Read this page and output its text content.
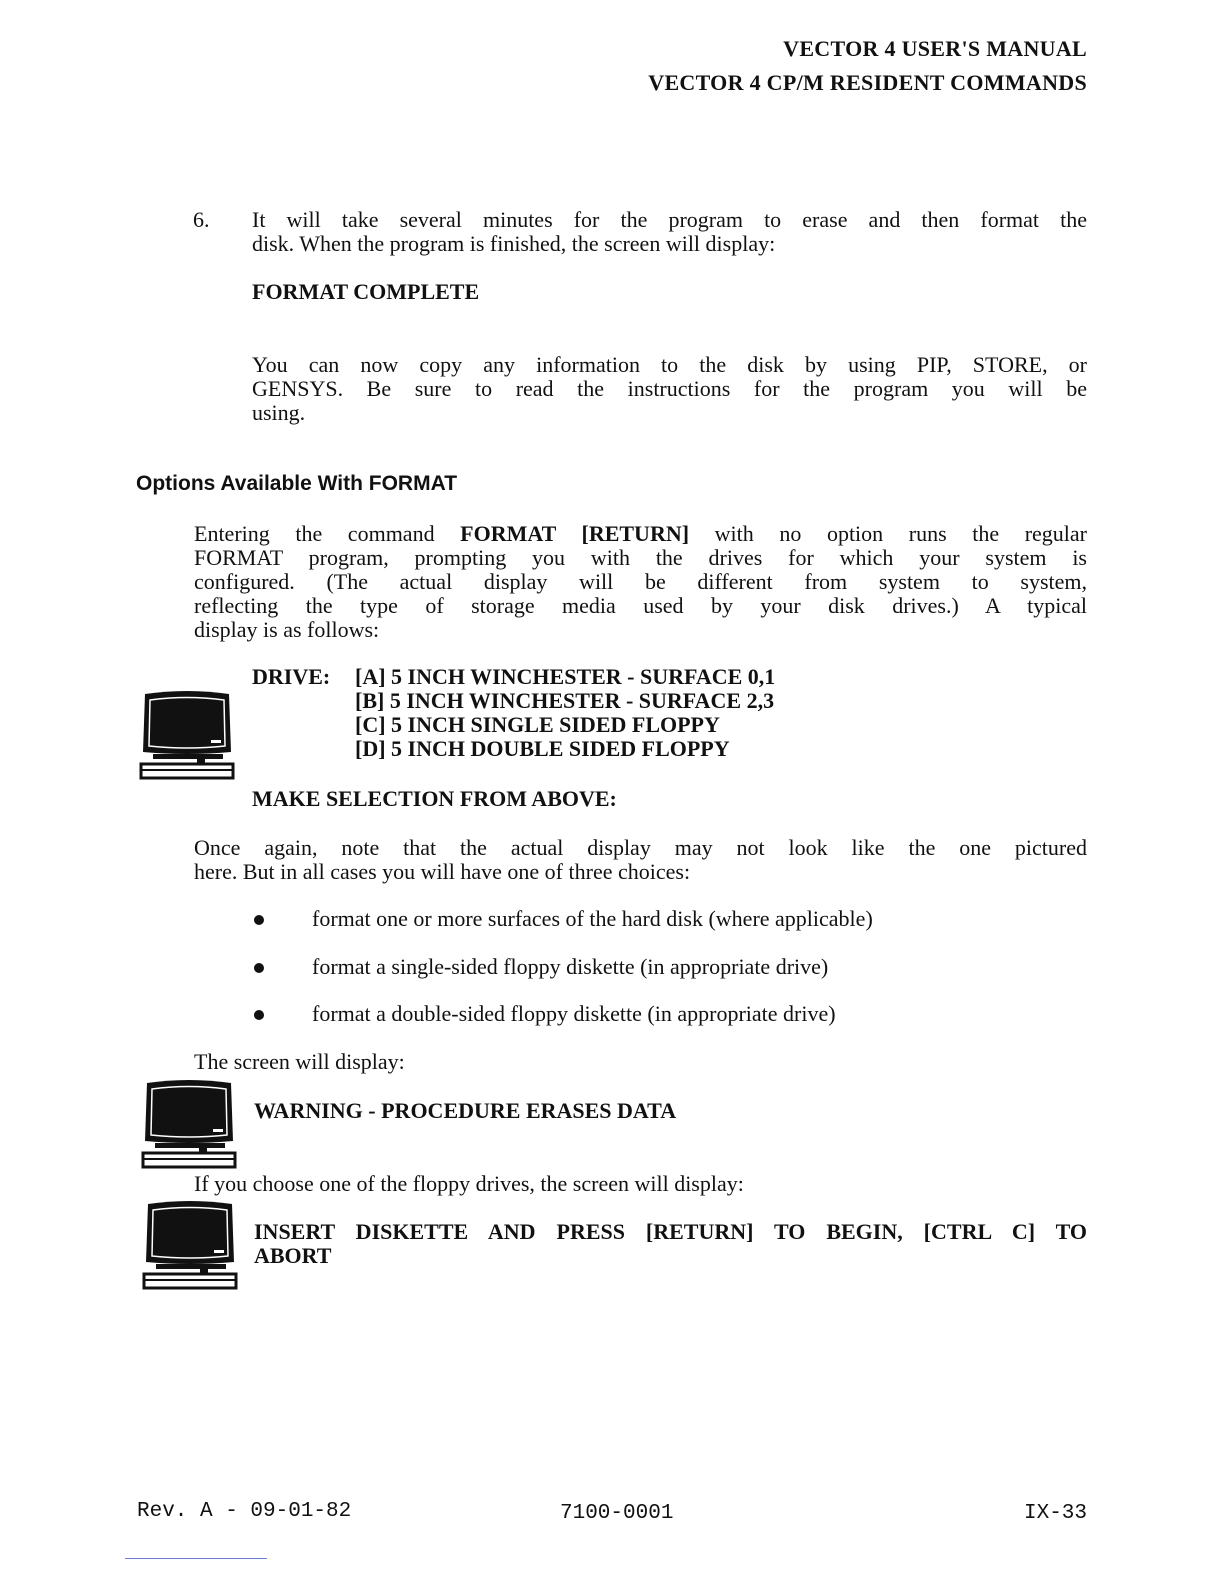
VECTOR 4 USER'S MANUAL
VECTOR 4 CP/M RESIDENT COMMANDS
6. It will take several minutes for the program to erase and then format the
disk. When the program is finished, the screen will display:
FORMAT COMPLETE
You can now copy any information to the disk by using PIP, STORE, or
GENSYS. Be sure to read the instructions for the program you will be
using.
Options Available With FORMAT
Entering the command FORMAT [RETURN] with no option runs the regular
FORMAT program, prompting you with the drives for which your system is
configured. (The actual display will be different from system to system,
reflecting the type of storage media used by your disk drives.) A typical
display is as follows:
DRIVE: [A] 5 INCH WINCHESTER - SURFACE 0,1
[B] 5 INCH WINCHESTER - SURFACE 2,3
[C] 5 INCH SINGLE SIDED FLOPPY
[D] 5 INCH DOUBLE SIDED FLOPPY
MAKE SELECTION FROM ABOVE:
Once again, note that the actual display may not look like the one pictured
here. But in all cases you will have one of three choices:
format one or more surfaces of the hard disk (where applicable)
format a single-sided floppy diskette (in appropriate drive)
format a double-sided floppy diskette (in appropriate drive)
The screen will display:
WARNING - PROCEDURE ERASES DATA
If you choose one of the floppy drives, the screen will display:
INSERT DISKETTE AND PRESS [RETURN] TO BEGIN, [CTRL C] TO
ABORT
Rev. A - 09-01-82	7100-0001	IX-33
